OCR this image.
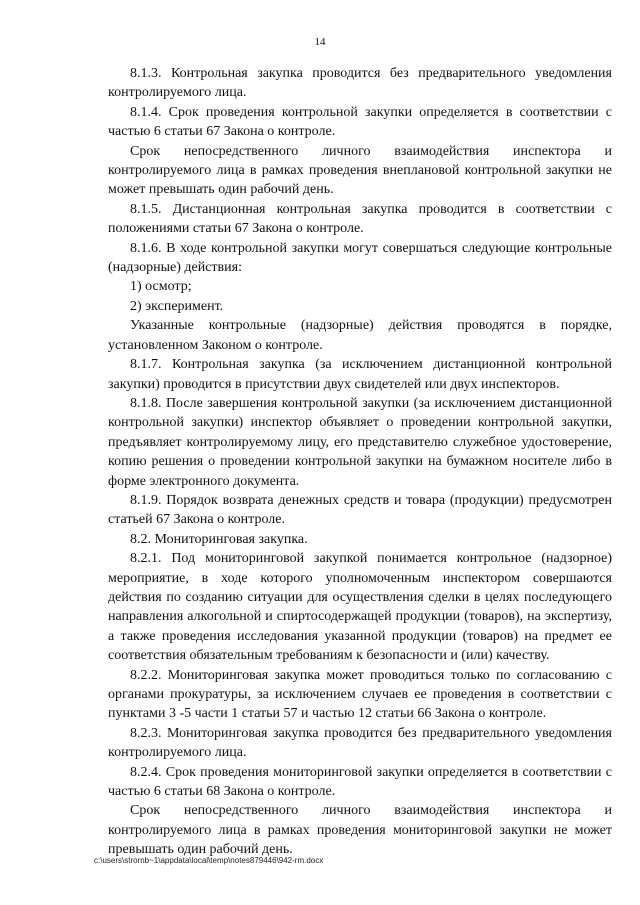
14

8.1.3. Контрольная закупка проводится без предварительного уведомления контролируемого лица.

8.1.4. Срок проведения контрольной закупки определяется в соответствии с частью 6 статьи 67 Закона о контроле.

Срок непосредственного личного взаимодействия инспектора и контролируемого лица в рамках проведения внеплановой контрольной закупки не может превышать один рабочий день.

8.1.5. Дистанционная контрольная закупка проводится в соответствии с положениями статьи 67 Закона о контроле.

8.1.6. В ходе контрольной закупки могут совершаться следующие контрольные (надзорные) действия:

1) осмотр;

2) эксперимент.

Указанные контрольные (надзорные) действия проводятся в порядке, установленном Законом о контроле.

8.1.7. Контрольная закупка (за исключением дистанционной контрольной закупки) проводится в присутствии двух свидетелей или двух инспекторов.

8.1.8. После завершения контрольной закупки (за исключением дистанционной контрольной закупки) инспектор объявляет о проведении контрольной закупки, предъявляет контролируемому лицу, его представителю служебное удостоверение, копию решения о проведении контрольной закупки на бумажном носителе либо в форме электронного документа.

8.1.9. Порядок возврата денежных средств и товара (продукции) предусмотрен статьей 67 Закона о контроле.

8.2. Мониторинговая закупка.

8.2.1. Под мониторинговой закупкой понимается контрольное (надзорное) мероприятие, в ходе которого уполномоченным инспектором совершаются действия по созданию ситуации для осуществления сделки в целях последующего направления алкогольной и спиртосодержащей продукции (товаров), на экспертизу, а также проведения исследования указанной продукции (товаров) на предмет ее соответствия обязательным требованиям к безопасности и (или) качеству.

8.2.2. Мониторинговая закупка может проводиться только по согласованию с органами прокуратуры, за исключением случаев ее проведения в соответствии с пунктами 3 -5 части 1 статьи 57 и частью 12 статьи 66 Закона о контроле.

8.2.3. Мониторинговая закупка проводится без предварительного уведомления контролируемого лица.

8.2.4. Срок проведения мониторинговой закупки определяется в соответствии с частью 6 статьи 68 Закона о контроле.

Срок непосредственного личного взаимодействия инспектора и контролируемого лица в рамках проведения мониторинговой закупки не может превышать один рабочий день.

c:\users\strornb~1\appdata\local\temp\notes879446\942-rm.docx
